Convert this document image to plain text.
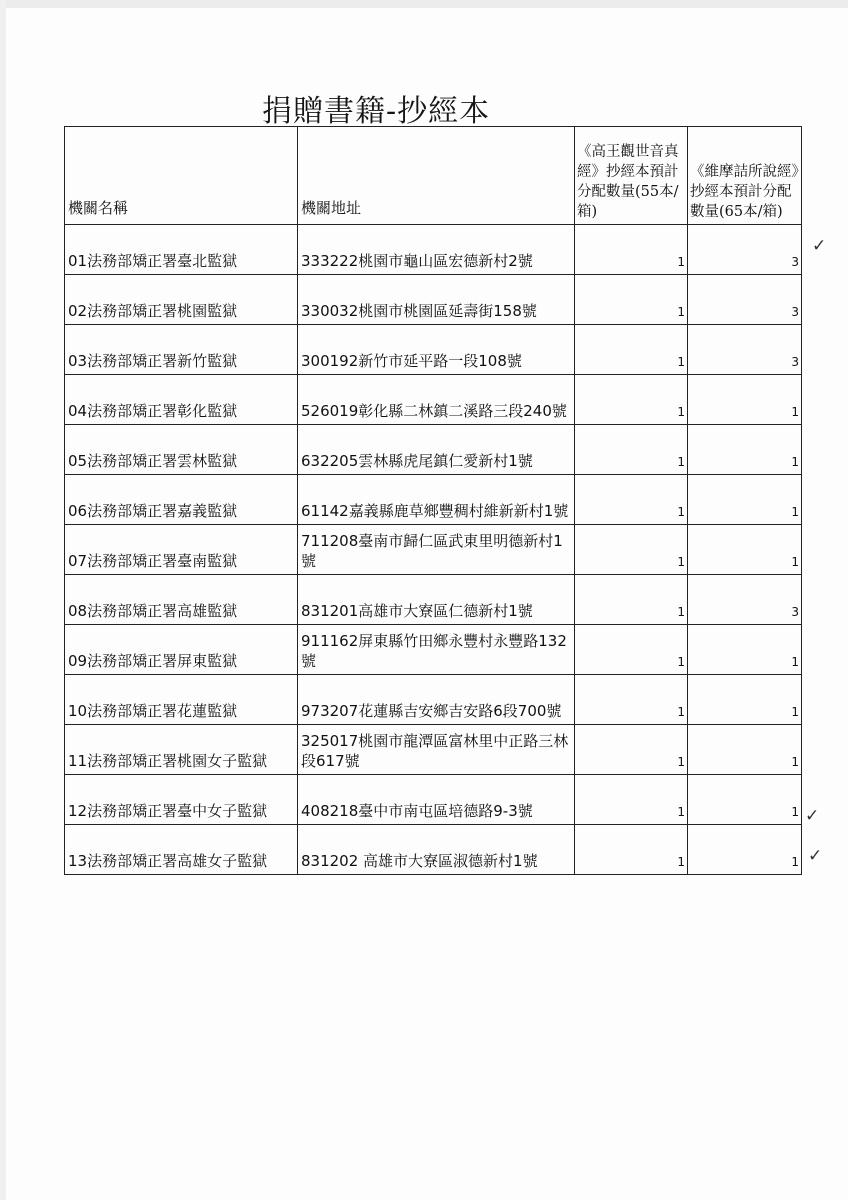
捐贈書籍-抄經本
機關名稱	機關地址	《高王觀世音真經》抄經本預計分配數量(55本/箱)	《維摩詰所說經》抄經本預計分配數量(65本/箱)
01法務部矯正署臺北監獄	333222桃園市龜山區宏德新村2號	1	3
02法務部矯正署桃園監獄	330032桃園市桃園區延壽街158號	1	3
03法務部矯正署新竹監獄	300192新竹市延平路一段108號	1	3
04法務部矯正署彰化監獄	526019彰化縣二林鎮二溪路三段240號	1	1
05法務部矯正署雲林監獄	632205雲林縣虎尾鎮仁愛新村1號	1	1
06法務部矯正署嘉義監獄	61142嘉義縣鹿草鄉豐稠村維新新村1號	1	1
07法務部矯正署臺南監獄	711208臺南市歸仁區武東里明德新村1號	1	1
08法務部矯正署高雄監獄	831201高雄市大寮區仁德新村1號	1	3
09法務部矯正署屏東監獄	911162屏東縣竹田鄉永豐村永豐路132號	1	1
10法務部矯正署花蓮監獄	973207花蓮縣吉安鄉吉安路6段700號	1	1
11法務部矯正署桃園女子監獄	325017桃園市龍潭區富林里中正路三林段617號	1	1
12法務部矯正署臺中女子監獄	408218臺中市南屯區培德路9-3號	1	1
13法務部矯正署高雄女子監獄	831202 高雄市大寮區淑德新村1號	1	1
✓
✓
✓
